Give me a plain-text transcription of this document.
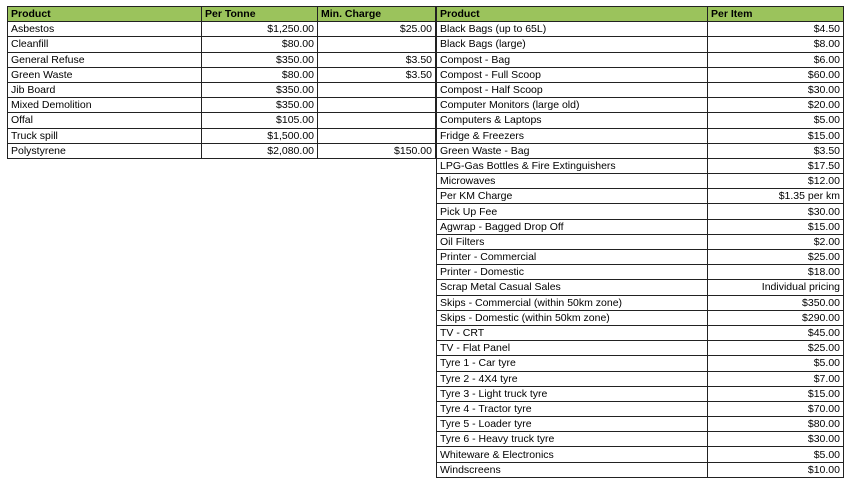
Product	Per Tonne	Min. Charge
Asbestos	$1,250.00	$25.00
Cleanfill	$80.00	
General Refuse	$350.00	$3.50
Green Waste	$80.00	$3.50
Jib Board	$350.00	
Mixed Demolition	$350.00	
Offal	$105.00	
Truck spill	$1,500.00	
Polystyrene	$2,080.00	$150.00
Product	Per Item
Black Bags (up to 65L)	$4.50
Black Bags (large)	$8.00
Compost - Bag	$6.00
Compost - Full Scoop	$60.00
Compost - Half Scoop	$30.00
Computer Monitors (large old)	$20.00
Computers & Laptops	$5.00
Fridge & Freezers	$15.00
Green Waste - Bag	$3.50
LPG-Gas Bottles & Fire Extinguishers	$17.50
Microwaves	$12.00
Per KM Charge	$1.35 per km
Pick Up Fee	$30.00
Agwrap - Bagged Drop Off	$15.00
Oil Filters	$2.00
Printer - Commercial	$25.00
Printer - Domestic	$18.00
Scrap Metal Casual Sales	Individual pricing
Skips - Commercial (within 50km zone)	$350.00
Skips - Domestic (within 50km zone)	$290.00
TV - CRT	$45.00
TV - Flat Panel	$25.00
Tyre 1 - Car tyre	$5.00
Tyre 2 - 4X4 tyre	$7.00
Tyre 3 - Light truck tyre	$15.00
Tyre 4 - Tractor tyre	$70.00
Tyre 5 - Loader tyre	$80.00
Tyre 6 - Heavy truck tyre	$30.00
Whiteware & Electronics	$5.00
Windscreens	$10.00
